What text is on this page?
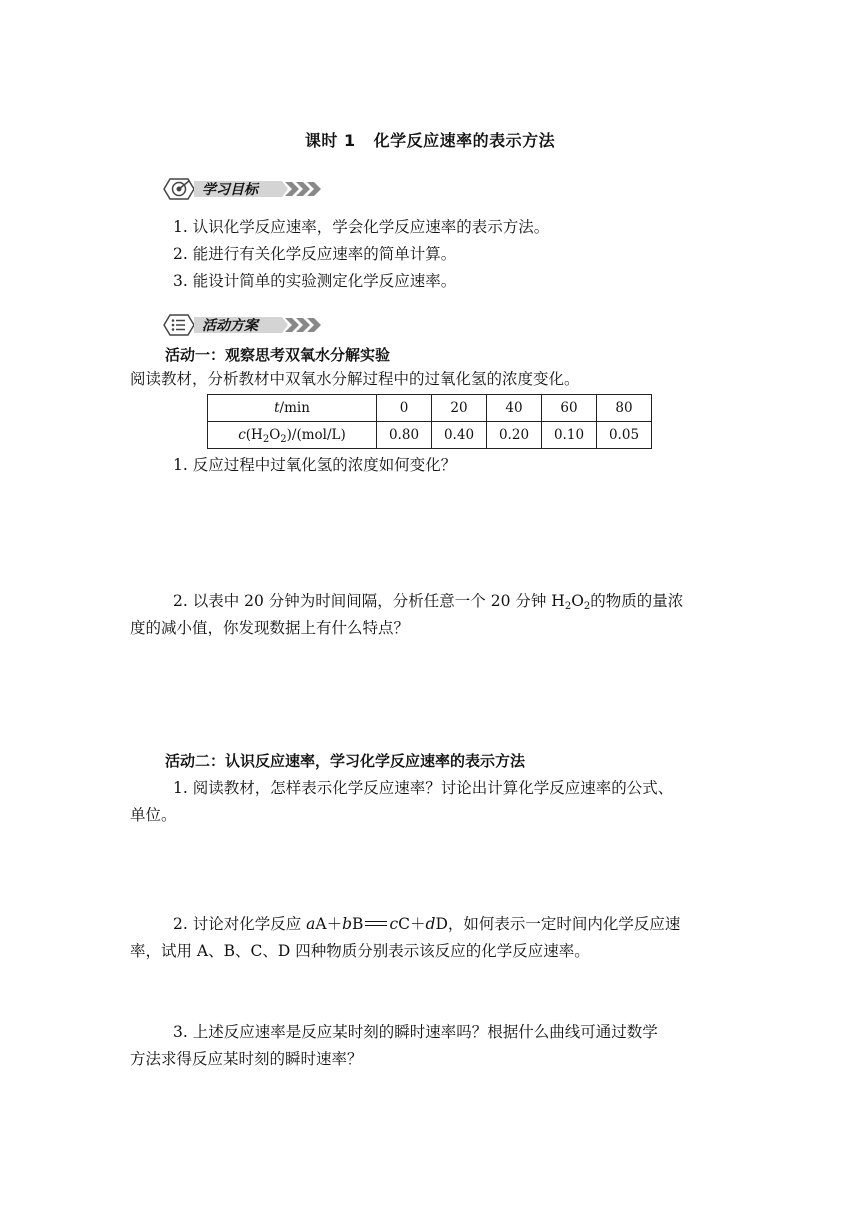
课时 1 化学反应速率的表示方法
学习目标
1. 认识化学反应速率，学会化学反应速率的表示方法。
2. 能进行有关化学反应速率的简单计算。
3. 能设计简单的实验测定化学反应速率。
活动方案
活动一：观察思考双氧水分解实验
阅读教材，分析教材中双氧水分解过程中的过氧化氢的浓度变化。
t/min	0	20	40	60	80
$c(H_2O_2)/(mol/L)$	0.80	0.40	0.20	0.10	0.05
1. 反应过程中过氧化氢的浓度如何变化？
2. 以表中 20 分钟为时间间隔，分析任意一个 20 分钟 $H_2O_2$的物质的量浓
度的减小值，你发现数据上有什么特点？
活动二：认识反应速率，学习化学反应速率的表示方法
1. 阅读教材，怎样表示化学反应速率？讨论出计算化学反应速率的公式、
单位。
2. 讨论对化学反应 aA＋bB cC＋dD，如何表示一定时间内化学反应速
率，试用 A、B、C、D 四种物质分别表示该反应的化学反应速率。
3. 上述反应速率是反应某时刻的瞬时速率吗？根据什么曲线可通过数学
方法求得反应某时刻的瞬时速率？
